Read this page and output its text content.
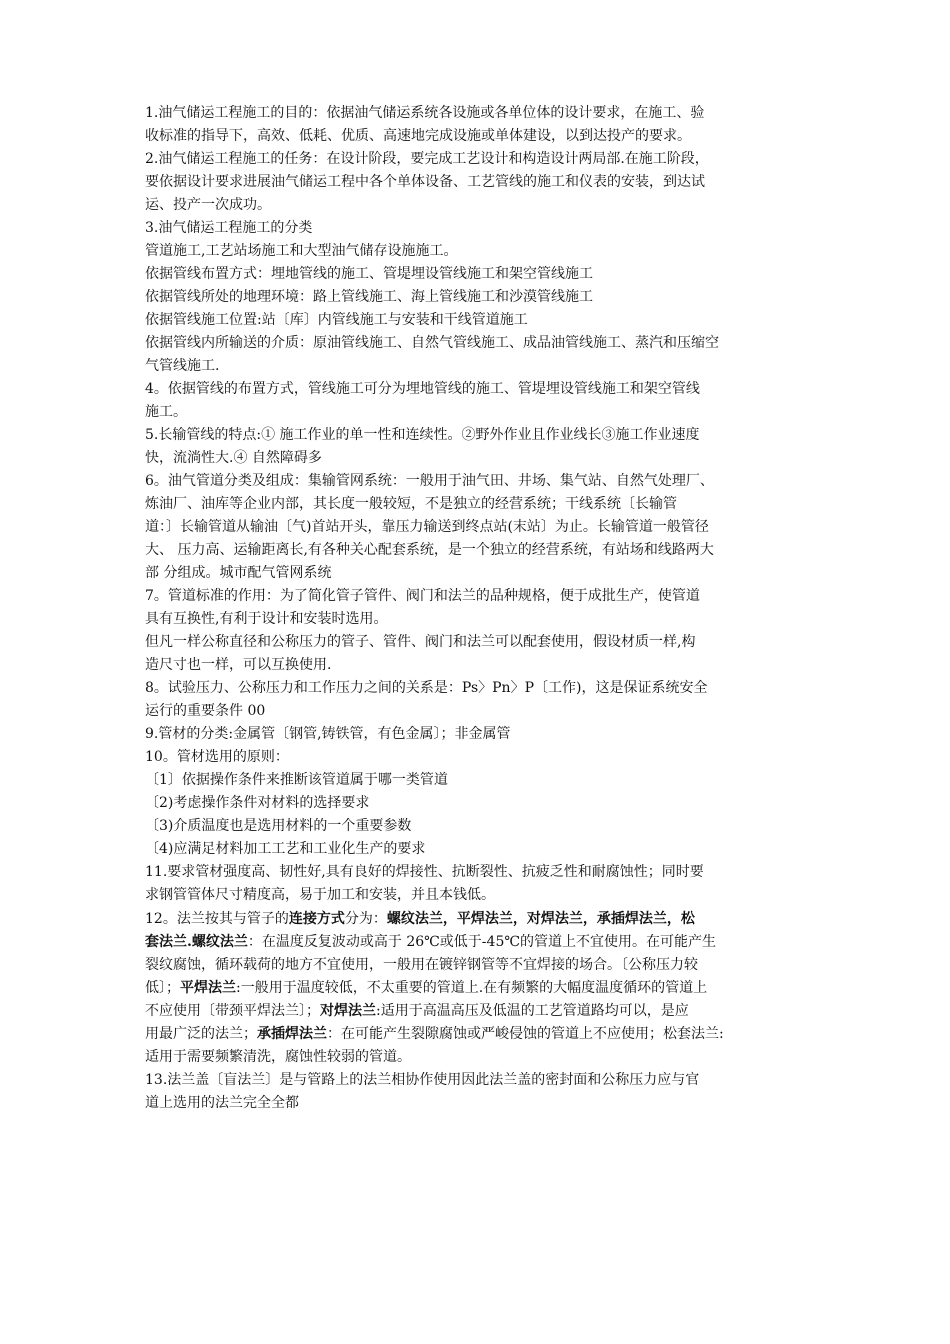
1.油气储运工程施工的目的：依据油气储运系统各设施或各单位体的设计要求，在施工、验
收标准的指导下，高效、低耗、优质、高速地完成设施或单体建设，以到达投产的要求。
2.油气储运工程施工的任务：在设计阶段，要完成工艺设计和构造设计两局部.在施工阶段，
要依据设计要求进展油气储运工程中各个单体设备、工艺管线的施工和仪表的安装，到达试
运、投产一次成功。
3.油气储运工程施工的分类
管道施工,工艺站场施工和大型油气储存设施施工。
依据管线布置方式：埋地管线的施工、管堤埋设管线施工和架空管线施工
依据管线所处的地理环境：路上管线施工、海上管线施工和沙漠管线施工
依据管线施工位置:站〔库〕内管线施工与安装和干线管道施工
依据管线内所输送的介质：原油管线施工、自然气管线施工、成品油管线施工、蒸汽和压缩空
气管线施工.
4。依据管线的布置方式，管线施工可分为埋地管线的施工、管堤埋设管线施工和架空管线
施工。
5.长输管线的特点:① 施工作业的单一性和连续性。②野外作业且作业线长③施工作业速度
快，流淌性大.④ 自然障碍多
6。油气管道分类及组成：集输管网系统：一般用于油气田、井场、集气站、自然气处理厂、
炼油厂、油库等企业内部，其长度一般较短，不是独立的经营系统；干线系统〔长输管
道：〕长输管道从输油〔气)首站开头，靠压力输送到终点站(末站〕为止。长输管道一般管径
大、 压力高、运输距离长,有各种关心配套系统，是一个独立的经营系统，有站场和线路两大
部 分组成。城市配气管网系统
7。管道标准的作用：为了简化管子管件、阀门和法兰的品种规格，便于成批生产，使管道
具有互换性,有利于设计和安装时选用。
但凡一样公称直径和公称压力的管子、管件、阀门和法兰可以配套使用，假设材质一样,构
造尺寸也一样，可以互换使用.
8。试验压力、公称压力和工作压力之间的关系是：Ps〉Pn〉P〔工作)，这是保证系统安全
运行的重要条件 00
9.管材的分类:金属管〔钢管,铸铁管，有色金属〕；非金属管
10。管材选用的原则：
〔1〕依据操作条件来推断该管道属于哪一类管道
〔2)考虑操作条件对材料的选择要求
〔3)介质温度也是选用材料的一个重要参数
〔4)应满足材料加工工艺和工业化生产的要求
11.要求管材强度高、韧性好,具有良好的焊接性、抗断裂性、抗疲乏性和耐腐蚀性；同时要
求钢管管体尺寸精度高，易于加工和安装，并且本钱低。
12。法兰按其与管子的连接方式分为：螺纹法兰，平焊法兰，对焊法兰，承插焊法兰，松
套法兰.螺纹法兰：在温度反复波动或高于 26℃或低于-45℃的管道上不宜使用。在可能产生
裂纹腐蚀，循环载荷的地方不宜使用，一般用在镀锌钢管等不宜焊接的场合。〔公称压力较
低〕；平焊法兰:一般用于温度较低，不太重要的管道上.在有频繁的大幅度温度循环的管道上
不应使用〔带颈平焊法兰〕；对焊法兰:适用于高温高压及低温的工艺管道路均可以，是应
用最广泛的法兰；承插焊法兰：在可能产生裂隙腐蚀或严峻侵蚀的管道上不应使用；松套法兰:
适用于需要频繁清洗，腐蚀性较弱的管道。
13.法兰盖〔盲法兰〕是与管路上的法兰相协作使用因此法兰盖的密封面和公称压力应与官
道上选用的法兰完全全都
